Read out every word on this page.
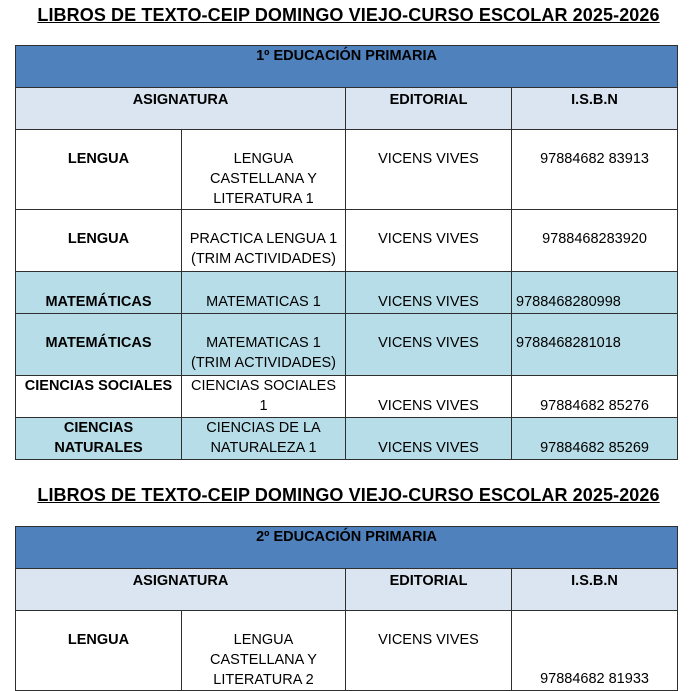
LIBROS DE TEXTO-CEIP DOMINGO VIEJO-CURSO ESCOLAR 2025-2026
1º EDUCACIÓN PRIMARIA			
ASIGNATURA		EDITORIAL	I.S.B.N
LENGUA	LENGUA CASTELLANA Y LITERATURA 1	VICENS VIVES	97884682 83913
LENGUA	PRACTICA LENGUA 1 (TRIM ACTIVIDADES)	VICENS VIVES	9788468283920
MATEMÁTICAS	MATEMATICAS 1	VICENS VIVES	9788468280998
MATEMÁTICAS	MATEMATICAS 1 (TRIM ACTIVIDADES)	VICENS VIVES	9788468281018
CIENCIAS SOCIALES	CIENCIAS SOCIALES 1	VICENS VIVES	97884682 85276
CIENCIAS NATURALES	CIENCIAS DE LA NATURALEZA 1	VICENS VIVES	97884682 85269
LIBROS DE TEXTO-CEIP DOMINGO VIEJO-CURSO ESCOLAR 2025-2026
2º EDUCACIÓN PRIMARIA			
ASIGNATURA		EDITORIAL	I.S.B.N
LENGUA	LENGUA CASTELLANA Y LITERATURA 2	VICENS VIVES	97884682 81933
